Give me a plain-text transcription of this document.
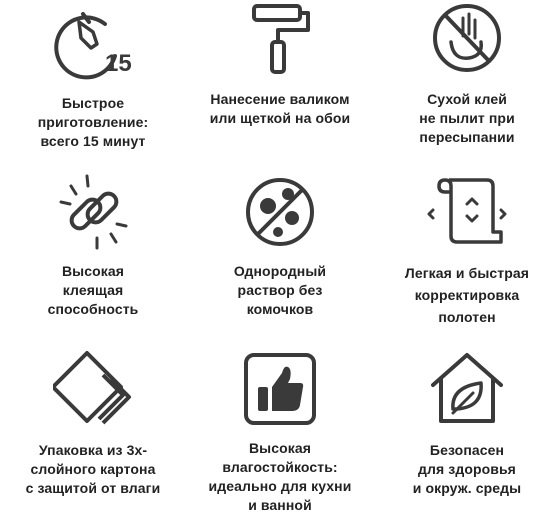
15
Быстрое
приготовление:
всего 15 минут
Нанесение валиком
или щеткой на обои
Сухой клей
не пылит при
пересыпании
Высокая
клеящая
способность
Однородный
раствор без
комочков
Легкая и быстрая
корректировка
полотен
Упаковка из 3х-
слойного картона
с защитой от влаги
Высокая
влагостойкость:
идеально для кухни
и ванной
Безопасен
для здоровья
и окруж. среды
